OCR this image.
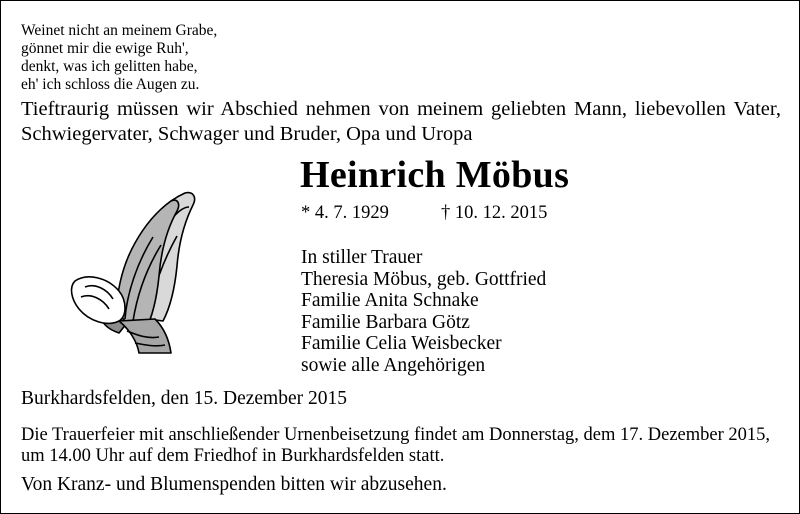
Weinet nicht an meinem Grabe,
gönnet mir die ewige Ruh',
denkt, was ich gelitten habe,
eh' ich schloss die Augen zu.
Tieftraurig müssen wir Abschied nehmen von meinem geliebten Mann, liebevollen Vater, Schwiegervater, Schwager und Bruder, Opa und Uropa
Heinrich Möbus
* 4. 7. 1929	† 10. 12. 2015
In stiller Trauer
Theresia Möbus, geb. Gottfried
Familie Anita Schnake
Familie Barbara Götz
Familie Celia Weisbecker
sowie alle Angehörigen
Burkhardsfelden, den 15. Dezember 2015
Die Trauerfeier mit anschließender Urnenbeisetzung findet am Donnerstag, dem 17. Dezember 2015, um 14.00 Uhr auf dem Friedhof in Burkhardsfelden statt.
Von Kranz- und Blumenspenden bitten wir abzusehen.
